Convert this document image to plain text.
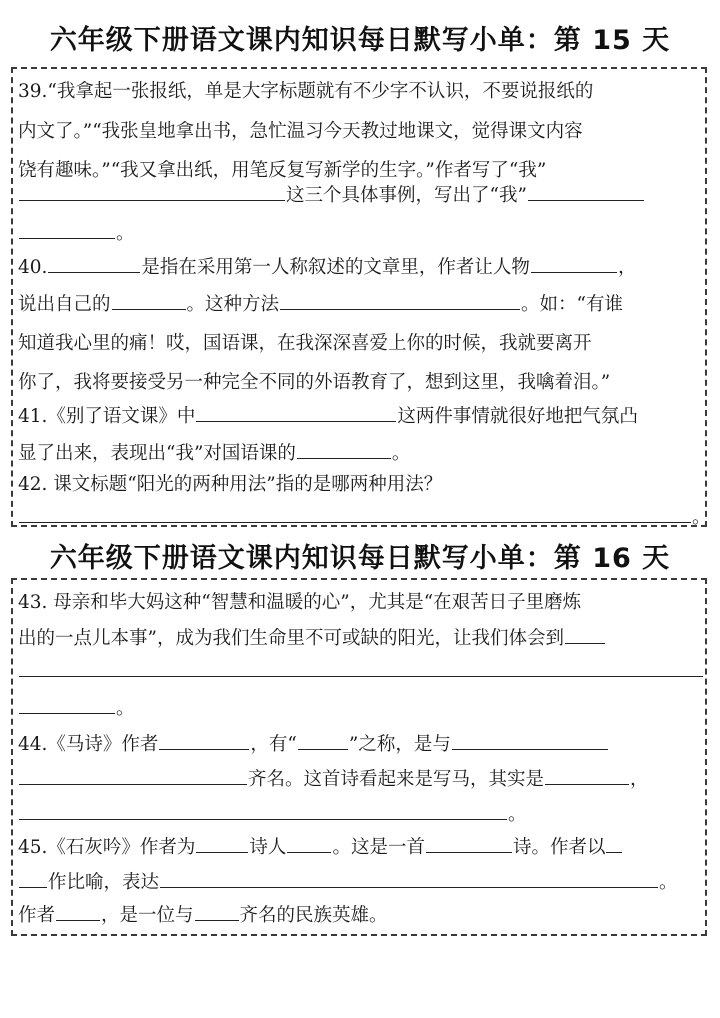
六年级下册语文课内知识每日默写小单：第 15 天
39.“我拿起一张报纸，单是大字标题就有不少字不认识，不要说报纸的
内文了。”“我张皇地拿出书，急忙温习今天教过地课文，觉得课文内容
饶有趣味。”“我又拿出纸，用笔反复写新学的生字。”作者写了“我”
这三个具体事例，写出了“我”
。
40.	是指在采用第一人称叙述的文章里，作者让人物	，
说出自己的	。这种方法	。如：“有谁
知道我心里的痛！哎，国语课，在我深深喜爱上你的时候，我就要离开
你了，我将要接受另一种完全不同的外语教育了，想到这里，我噙着泪。”
41.《别了语文课》中	这两件事情就很好地把气氛凸
显了出来，表现出“我”对国语课的	。
42. 课文标题“阳光的两种用法”指的是哪两种用法？
。
六年级下册语文课内知识每日默写小单：第 16 天
43. 母亲和毕大妈这种“智慧和温暖的心”，尤其是“在艰苦日子里磨炼
出的一点儿本事”，成为我们生命里不可或缺的阳光，让我们体会到
。
44.《马诗》作者	，有“	”之称，是与
齐名。这首诗看起来是写马，其实是	，
。
45.《石灰吟》作者为	诗人 。这是一首	诗。作者以
作比喻，表达	。
作者 ，是一位与 齐名的民族英雄。
